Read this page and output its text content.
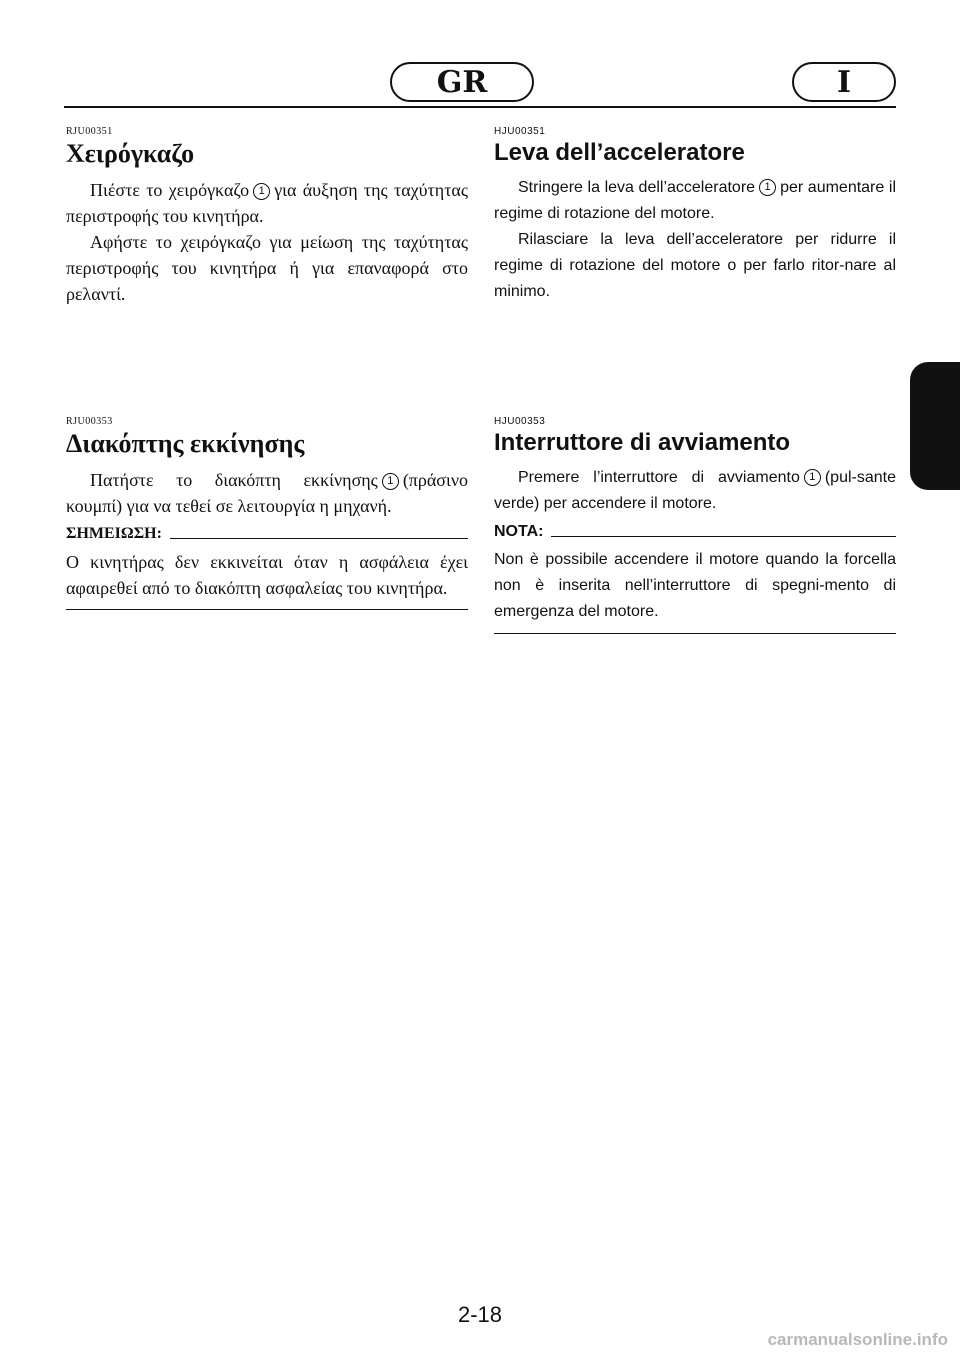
GR	I

RJU00351

Χειρόγκαζο

Πιέστε το χειρόγκαζο 1 για άυξηση της ταχύτητας περιστροφής του κινητήρα.

Αφήστε το χειρόγκαζο για μείωση της ταχύτητας περιστροφής του κινητήρα ή για επαναφορά στο ρελαντί.

HJU00351

Leva dell’acceleratore

Stringere la leva dell’acceleratore 1 per aumentare il regime di rotazione del motore.

Rilasciare la leva dell’acceleratore per ridurre il regime di rotazione del motore o per farlo ritor-nare al minimo.

RJU00353

Διακόπτης εκκίνησης

Πατήστε το διακόπτη εκκίνησης 1 (πράσινο κουμπί) για να τεθεί σε λειτουργία η μηχανή.

ΣΗΜΕΙΩΣΗ:

Ο κινητήρας δεν εκκινείται όταν η ασφάλεια έχει αφαιρεθεί από το διακόπτη ασφαλείας του κινητήρα.

HJU00353

Interruttore di avviamento

Premere l’interruttore di avviamento 1 (pul-sante verde) per accendere il motore.

NOTA:

Non è possibile accendere il motore quando la forcella non è inserita nell’interruttore di spegni-mento di emergenza del motore.

2-18
carmanualsonline.info
